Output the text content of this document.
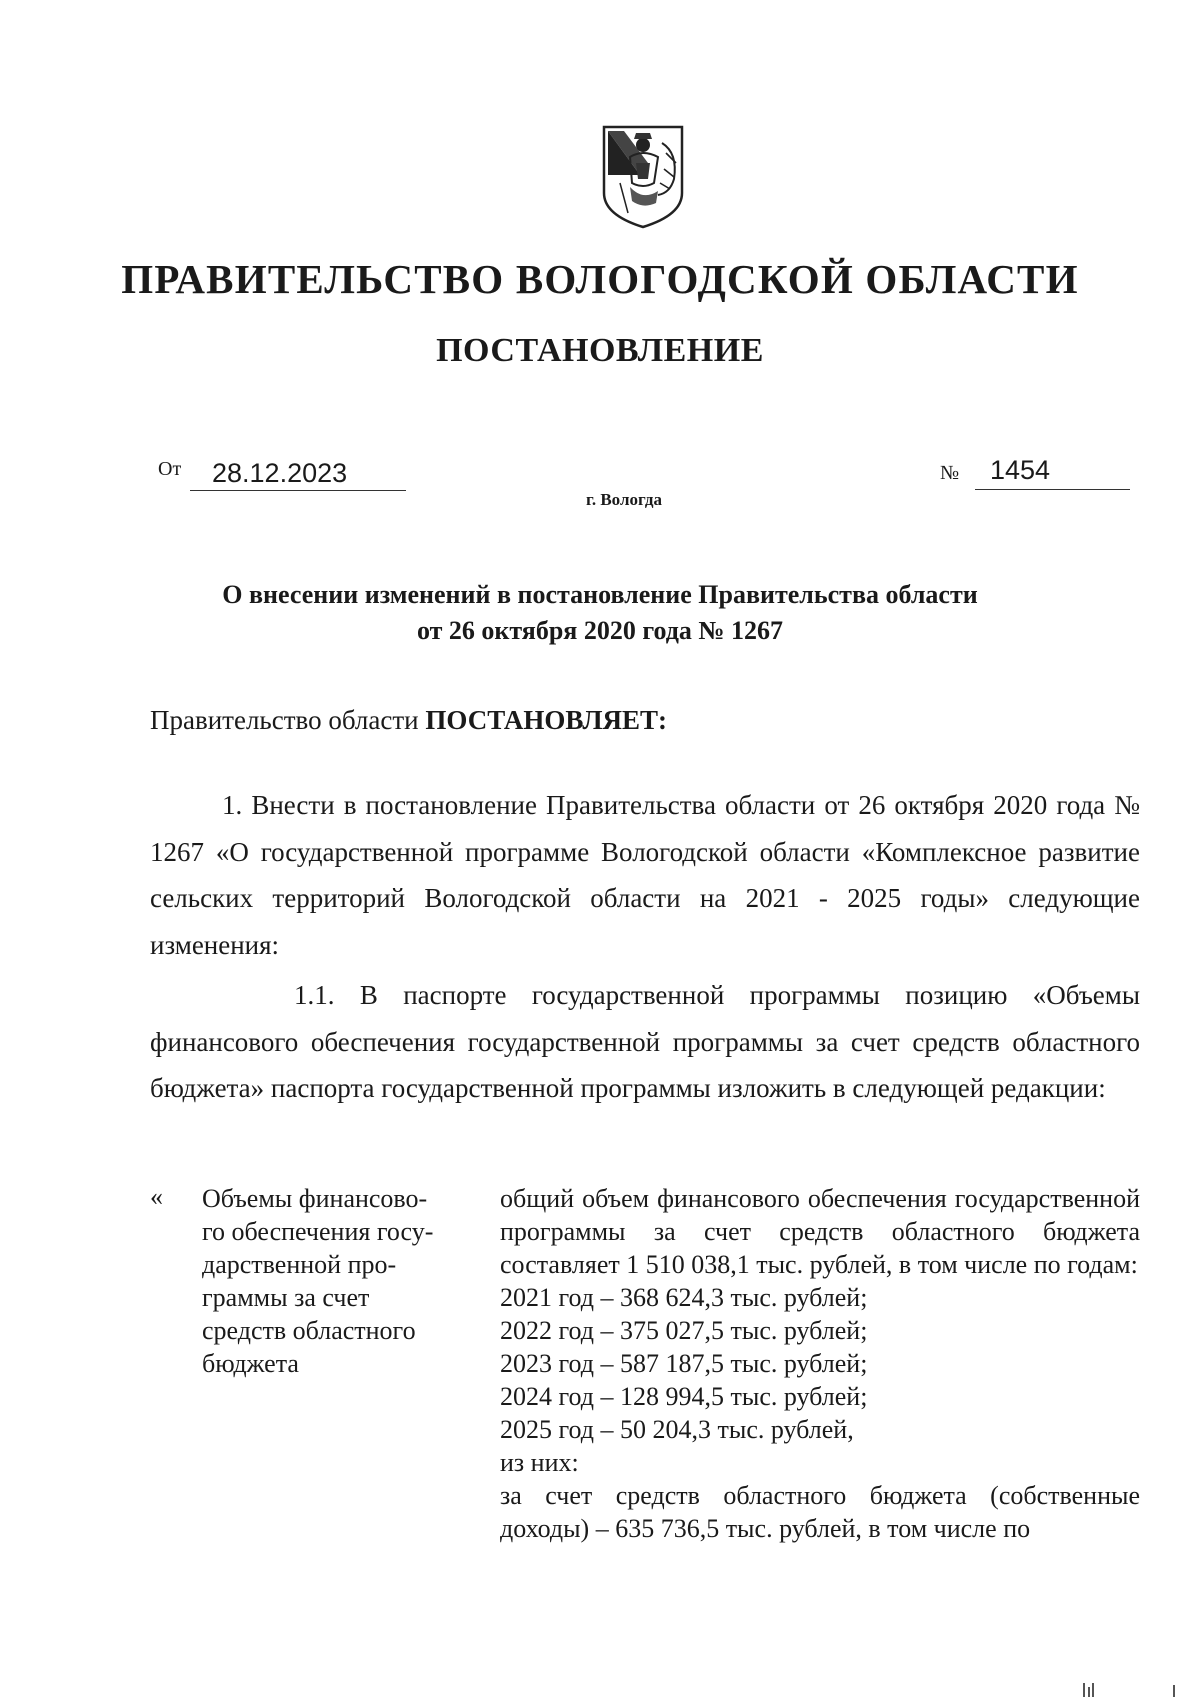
ПРАВИТЕЛЬСТВО ВОЛОГОДСКОЙ ОБЛАСТИ
ПОСТАНОВЛЕНИЕ
От 28.12.2023	№ 1454
г. Вологда
О внесении изменений в постановление Правительства области
от 26 октября 2020 года № 1267
Правительство области ПОСТАНОВЛЯЕТ:
1. Внести в постановление Правительства области от 26 октября 2020 года № 1267 «О государственной программе Вологодской области «Комплексное развитие сельских территорий Вологодской области на 2021 - 2025 годы» следующие изменения:
1.1. В паспорте государственной программы позицию «Объемы финансового обеспечения государственной программы за счет средств областного бюджета» паспорта государственной программы изложить в следующей редакции:
« Объемы финансово-
го обеспечения госу-
дарственной про-
граммы за счет
средств областного
бюджета
общий объем финансового обеспечения государственной программы за счет средств областного бюджета составляет 1 510 038,1 тыс. рублей, в том числе по годам:
2021 год – 368 624,3 тыс. рублей;
2022 год – 375 027,5 тыс. рублей;
2023 год – 587 187,5 тыс. рублей;
2024 год – 128 994,5 тыс. рублей;
2025 год – 50 204,3 тыс. рублей,
из них:
за счет средств областного бюджета (собственные доходы) – 635 736,5 тыс. рублей, в том числе по
